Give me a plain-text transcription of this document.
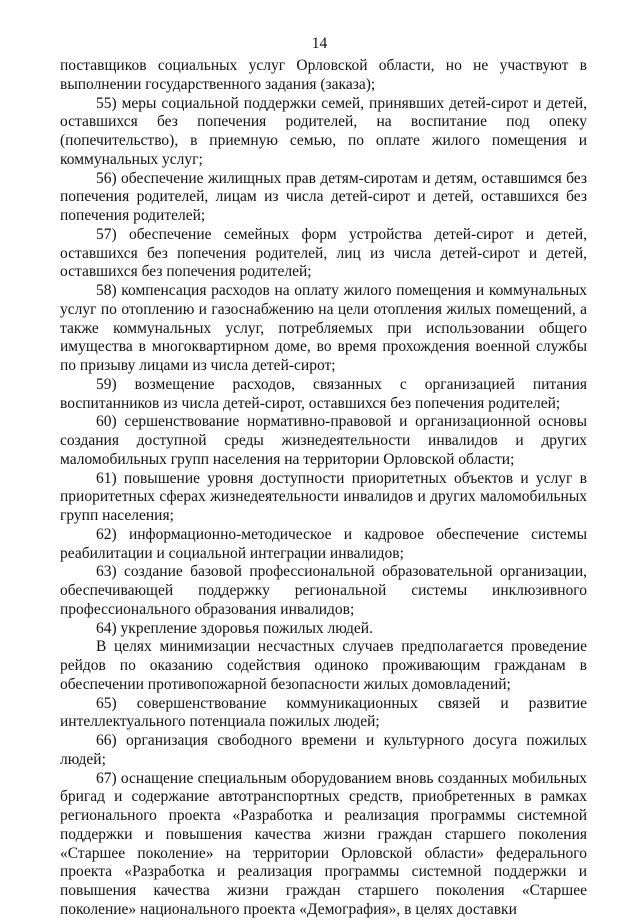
14

поставщиков социальных услуг Орловской области, но не участвуют в выполнении государственного задания (заказа);

55) меры социальной поддержки семей, принявших детей-сирот и детей, оставшихся без попечения родителей, на воспитание под опеку (попечительство), в приемную семью, по оплате жилого помещения и коммунальных услуг;

56) обеспечение жилищных прав детям-сиротам и детям, оставшимся без попечения родителей, лицам из числа детей-сирот и детей, оставшихся без попечения родителей;

57) обеспечение семейных форм устройства детей-сирот и детей, оставшихся без попечения родителей, лиц из числа детей-сирот и детей, оставшихся без попечения родителей;

58) компенсация расходов на оплату жилого помещения и коммунальных услуг по отоплению и газоснабжению на цели отопления жилых помещений, а также коммунальных услуг, потребляемых при использовании общего имущества в многоквартирном доме, во время прохождения военной службы по призыву лицами из числа детей-сирот;

59) возмещение расходов, связанных с организацией питания воспитанников из числа детей-сирот, оставшихся без попечения родителей;

60) сершенствование нормативно-правовой и организационной основы создания доступной среды жизнедеятельности инвалидов и других маломобильных групп населения на территории Орловской области;

61) повышение уровня доступности приоритетных объектов и услуг в приоритетных сферах жизнедеятельности инвалидов и других маломобильных групп населения;

62) информационно-методическое и кадровое обеспечение системы реабилитации и социальной интеграции инвалидов;

63) создание базовой профессиональной образовательной организации, обеспечивающей поддержку региональной системы инклюзивного профессионального образования инвалидов;

64) укрепление здоровья пожилых людей.

В целях минимизации несчастных случаев предполагается проведение рейдов по оказанию содействия одиноко проживающим гражданам в обеспечении противопожарной безопасности жилых домовладений;

65) совершенствование коммуникационных связей и развитие интеллектуального потенциала пожилых людей;

66) организация свободного времени и культурного досуга пожилых людей;

67) оснащение специальным оборудованием вновь созданных мобильных бригад и содержание автотранспортных средств, приобретенных в рамках регионального проекта «Разработка и реализация программы системной поддержки и повышения качества жизни граждан старшего поколения «Старшее поколение» на территории Орловской области» федерального проекта «Разработка и реализация программы системной поддержки и повышения качества жизни граждан старшего поколения «Старшее поколение» национального проекта «Демография», в целях доставки
